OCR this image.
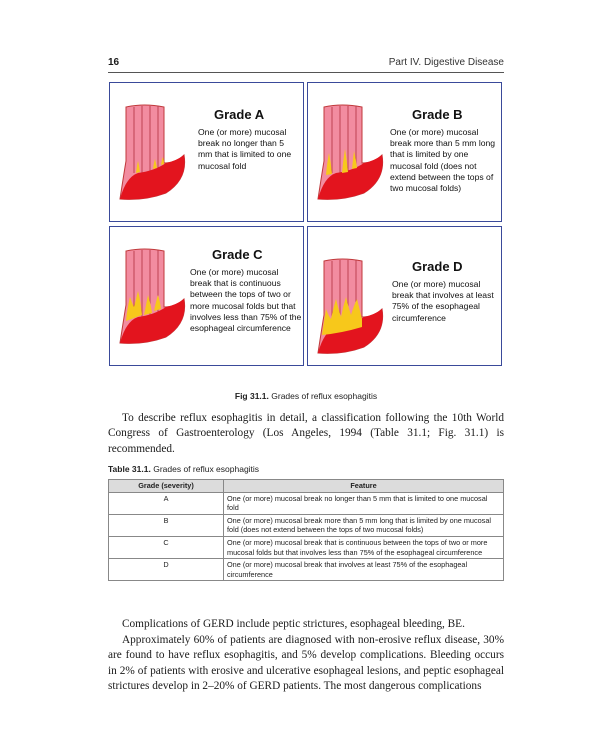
16	Part IV. Digestive Disease
Grade A
One (or more) mucosal break no longer than 5 mm that is limited to one mucosal fold
Grade B
One (or more) mucosal break more than 5 mm long that is limited by one mucosal fold (does not extend between the tops of two mucosal folds)
Grade C
One (or more) mucosal break that is continuous between the tops of two or more mucosal folds but that involves less than 75% of the esophageal circumference
Grade D
One (or more) mucosal break that involves at least 75% of the esophageal circumference
Fig 31.1. Grades of reflux esophagitis
To describe reflux esophagitis in detail, a classification following the 10th World Congress of Gastroenterology (Los Angeles, 1994 (Table 31.1; Fig. 31.1) is recommended.
Table 31.1. Grades of reflux esophagitis
Grade (severity)	Feature
A	One (or more) mucosal break no longer than 5 mm that is limited to one mucosal fold
B	One (or more) mucosal break more than 5 mm long that is limited by one mucosal fold (does not extend between the tops of two mucosal folds)
C	One (or more) mucosal break that is continuous between the tops of two or more mucosal folds but that involves less than 75% of the esophageal circumference
D	One (or more) mucosal break that involves at least 75% of the esophageal circumference
Complications of GERD include peptic strictures, esophageal bleeding, BE.
Approximately 60% of patients are diagnosed with non-erosive reflux disease, 30% are found to have reflux esophagitis, and 5% develop complications. Bleeding occurs in 2% of patients with erosive and ulcerative esophageal lesions, and peptic esophageal strictures develop in 2–20% of GERD patients. The most dangerous complications
